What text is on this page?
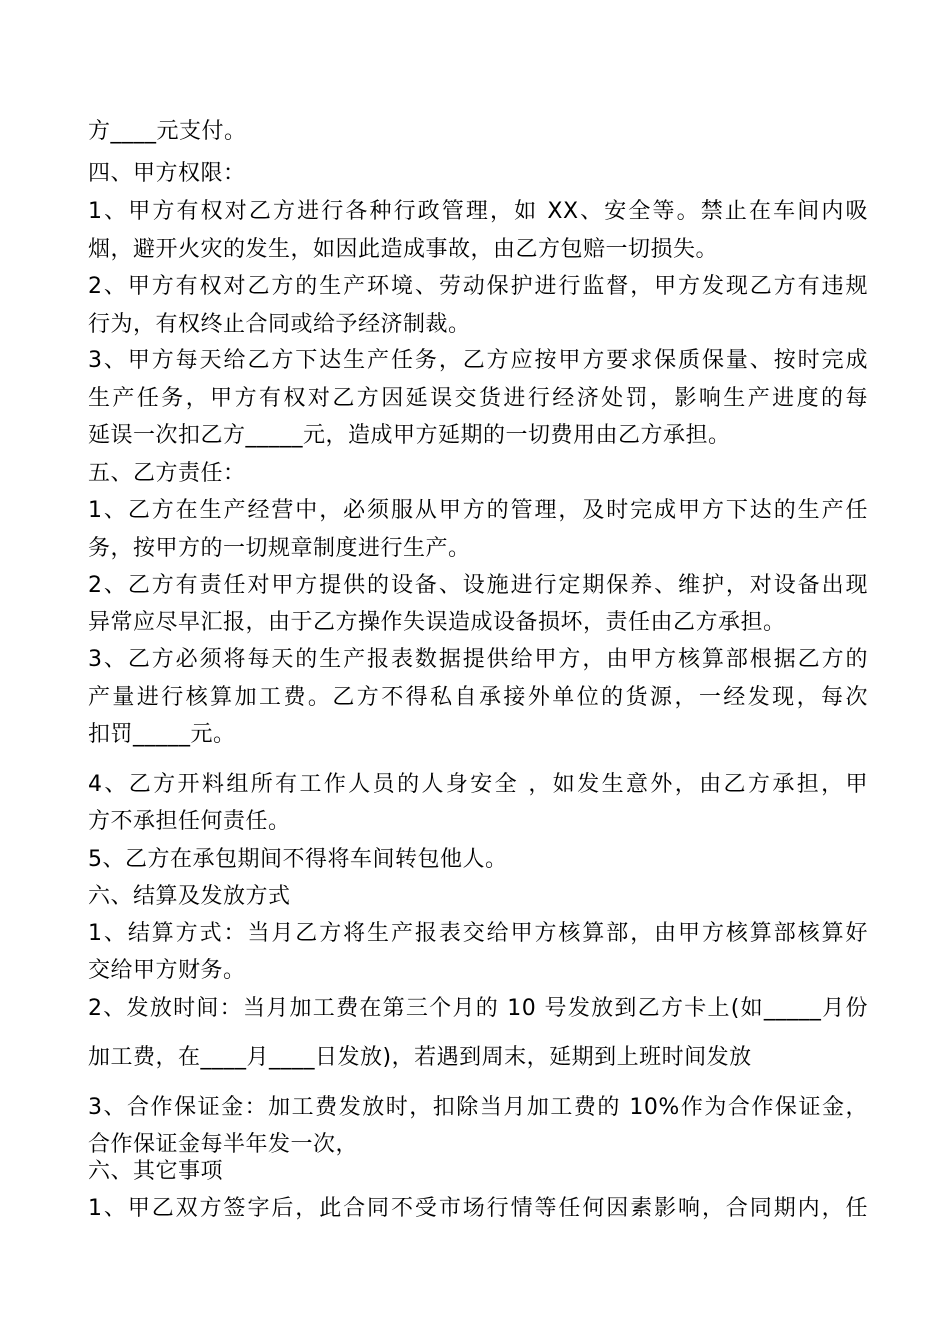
方____元支付。
四、甲方权限：
1、甲方有权对乙方进行各种行政管理，如 XX、安全等。禁止在车间内吸
烟，避开火灾的发生，如因此造成事故，由乙方包赔一切损失。
2、甲方有权对乙方的生产环境、劳动保护进行监督，甲方发现乙方有违规
行为，有权终止合同或给予经济制裁。
3、甲方每天给乙方下达生产任务，乙方应按甲方要求保质保量、按时完成
生产任务，甲方有权对乙方因延误交货进行经济处罚，影响生产进度的每
延误一次扣乙方_____元，造成甲方延期的一切费用由乙方承担。
五、乙方责任：
1、乙方在生产经营中，必须服从甲方的管理，及时完成甲方下达的生产任
务，按甲方的一切规章制度进行生产。
2、乙方有责任对甲方提供的设备、设施进行定期保养、维护，对设备出现
异常应尽早汇报，由于乙方操作失误造成设备损坏，责任由乙方承担。
3、乙方必须将每天的生产报表数据提供给甲方，由甲方核算部根据乙方的
产量进行核算加工费。乙方不得私自承接外单位的货源，一经发现，每次
扣罚_____元。
4、乙方开料组所有工作人员的人身安全 ，如发生意外，由乙方承担，甲
方不承担任何责任。
5、乙方在承包期间不得将车间转包他人。
六、结算及发放方式
1、结算方式：当月乙方将生产报表交给甲方核算部，由甲方核算部核算好
交给甲方财务。
2、发放时间：当月加工费在第三个月的 10 号发放到乙方卡上(如_____月份
加工费，在____月____日发放)，若遇到周末，延期到上班时间发放
3、合作保证金：加工费发放时，扣除当月加工费的 10%作为合作保证金，
合作保证金每半年发一次，
六、其它事项
1、甲乙双方签字后，此合同不受市场行情等任何因素影响，合同期内，任
